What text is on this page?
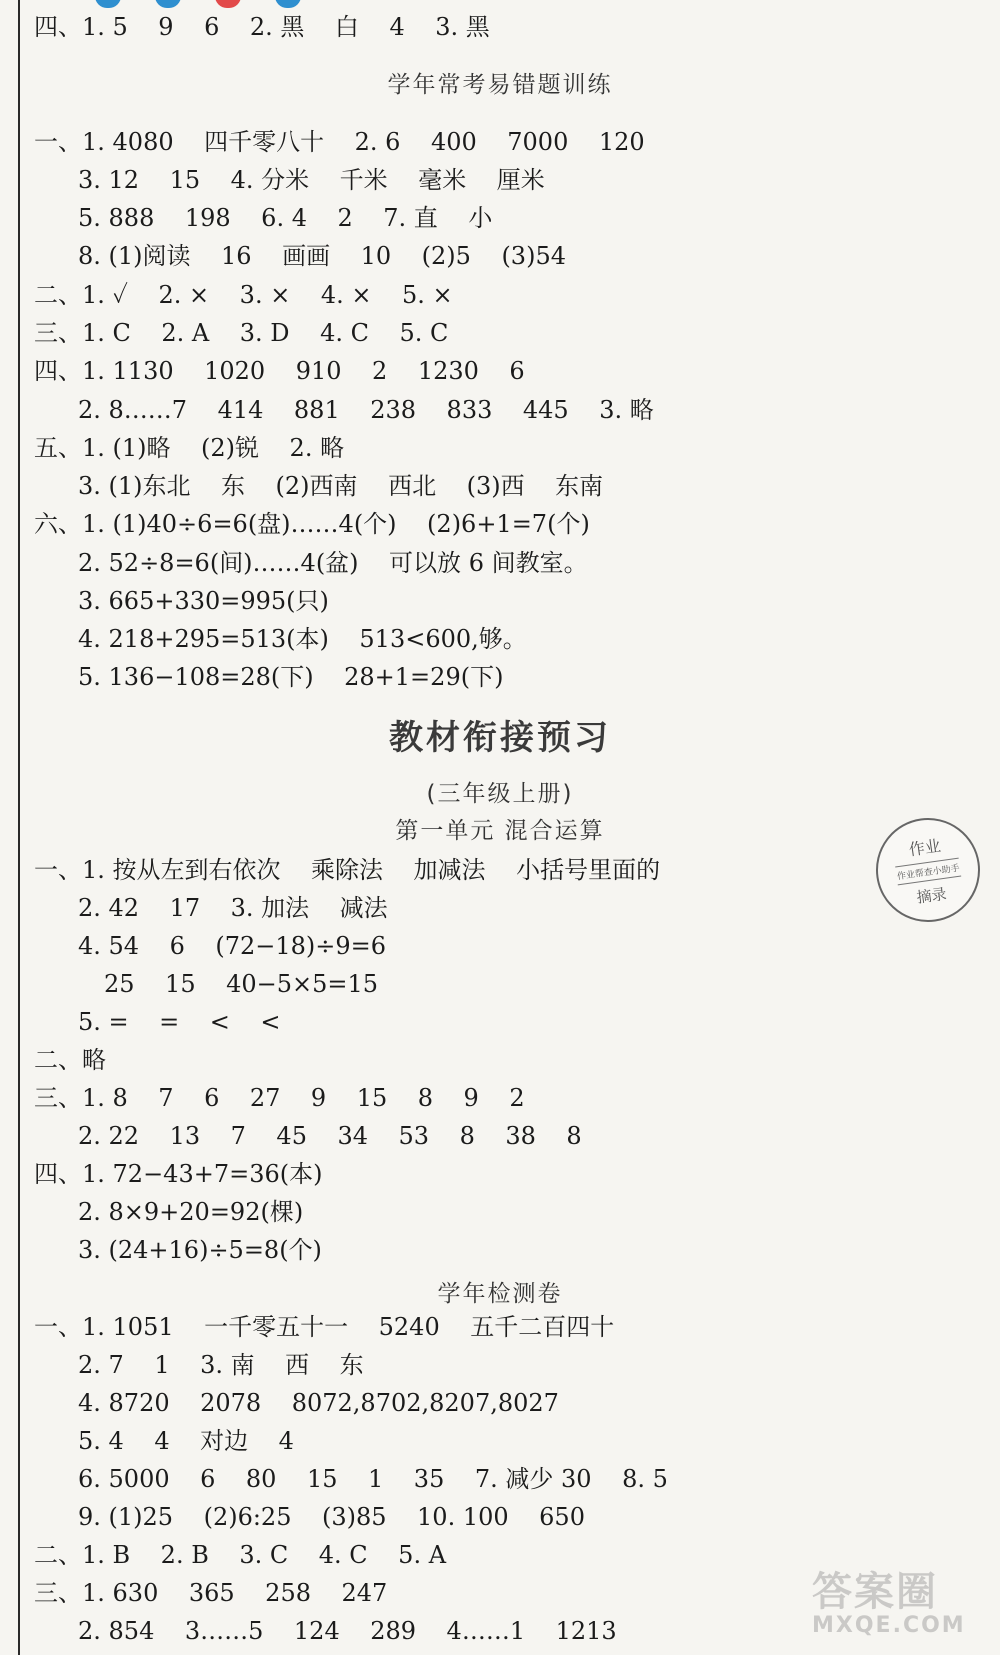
四、1. 5    9    6    2. 黑    白    4    3. 黑
学年常考易错题训练
一、1. 4080    四千零八十    2. 6    400    7000    120
3. 12    15    4. 分米    千米    毫米    厘米
5. 888    198    6. 4    2    7. 直    小
8. (1)阅读    16    画画    10    (2)5    (3)54
二、1. ✓    2. ×    3. ×    4. ×    5. ×
三、1. C    2. A    3. D    4. C    5. C
四、1. 1130    1020    910    2    1230    6
2. 8……7    414    881    238    833    445    3. 略
五、1. (1)略    (2)锐    2. 略
3. (1)东北    东    (2)西南    西北    (3)西    东南
六、1. (1)40÷6=6(盘)……4(个)    (2)6+1=7(个)
2. 52÷8=6(间)……4(盆)    可以放 6 间教室。
3. 665+330=995(只)
4. 218+295=513(本)    513<600,够。
5. 136−108=28(下)    28+1=29(下)
教材衔接预习
(三年级上册)
第一单元 混合运算
一、1. 按从左到右依次    乘除法    加减法    小括号里面的
2. 42    17    3. 加法    减法
4. 54    6    (72−18)÷9=6
25    15    40−5×5=15
5. =    =    <    <
二、略
三、1. 8    7    6    27    9    15    8    9    2
2. 22    13    7    45    34    53    8    38    8
四、1. 72−43+7=36(本)
2. 8×9+20=92(棵)
3. (24+16)÷5=8(个)
学年检测卷
一、1. 1051    一千零五十一    5240    五千二百四十
2. 7    1    3. 南    西    东
4. 8720    2078    8072,8702,8207,8027
5. 4    4    对边    4
6. 5000    6    80    15    1    35    7. 减少 30    8. 5
9. (1)25    (2)6:25    (3)85    10. 100    650
二、1. B    2. B    3. C    4. C    5. A
三、1. 630    365    258    247
2. 854    3……5    124    289    4……1    1213
作业
作业帮查小助手
摘录
答案圈
MXQE.COM
